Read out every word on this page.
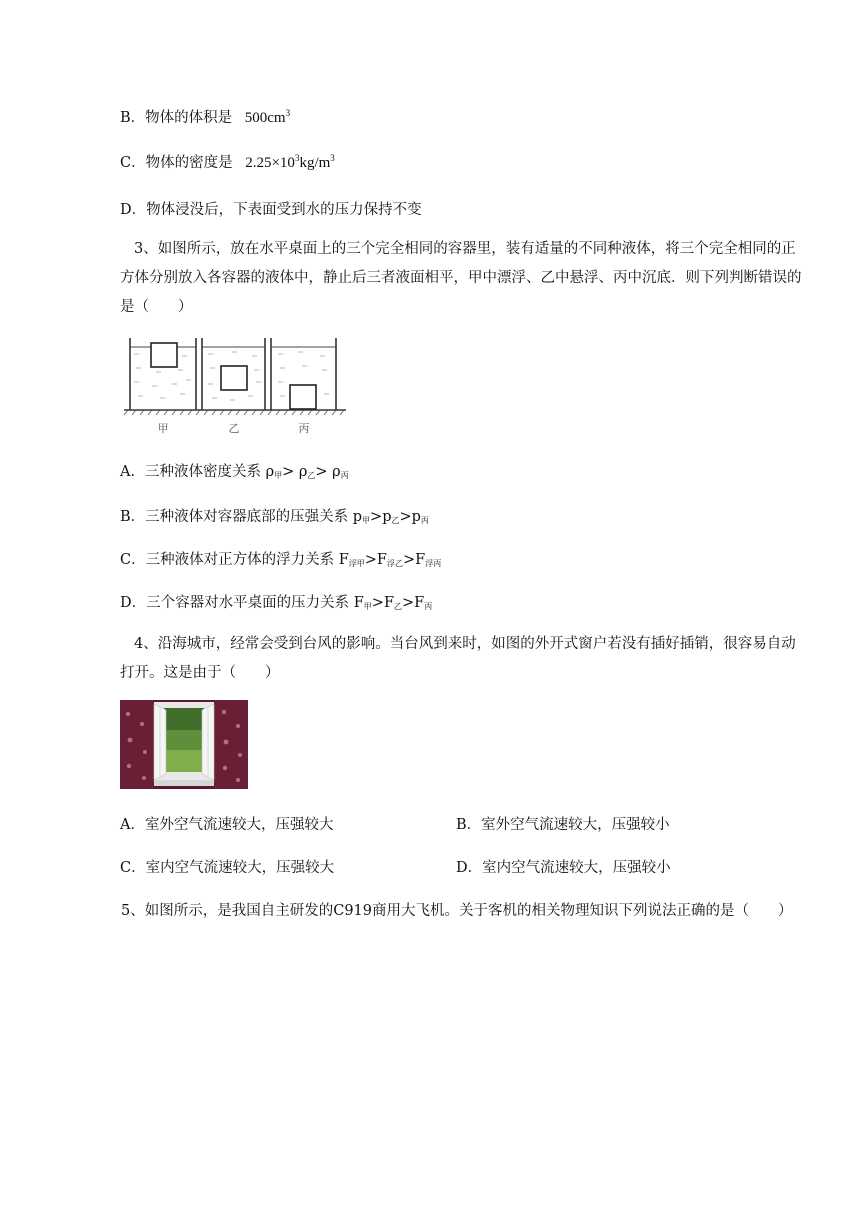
B．物体的体积是 $500cm^3$
C．物体的密度是 $2.25\times 10^3kg/m^3$
D．物体浸没后，下表面受到水的压力保持不变
3、如图所示，放在水平桌面上的三个完全相同的容器里，装有适量的不同种液体，将三个完全相同的正方体分别放入各容器的液体中，静止后三者液面相平，甲中漂浮、乙中悬浮、丙中沉底．则下列判断错误的是（　　）
甲	乙	丙
A．三种液体密度关系 $\rho_甲> \rho_乙> \rho_丙$
B．三种液体对容器底部的压强关系 $p_甲>p_乙>p_丙$
C．三种液体对正方体的浮力关系 $F_{浮甲}>F_{浮乙}>F_{浮丙}$
D．三个容器对水平桌面的压力关系 $F_甲>F_乙>F_丙$
4、沿海城市，经常会受到台风的影响。当台风到来时，如图的外开式窗户若没有插好插销，很容易自动打开。这是由于（　　）
A．室外空气流速较大，压强较大	B．室外空气流速较大，压强较小
C．室内空气流速较大，压强较大	D．室内空气流速较大，压强较小
5、如图所示，是我国自主研发的C919商用大飞机。关于客机的相关物理知识下列说法正确的是（　　）
